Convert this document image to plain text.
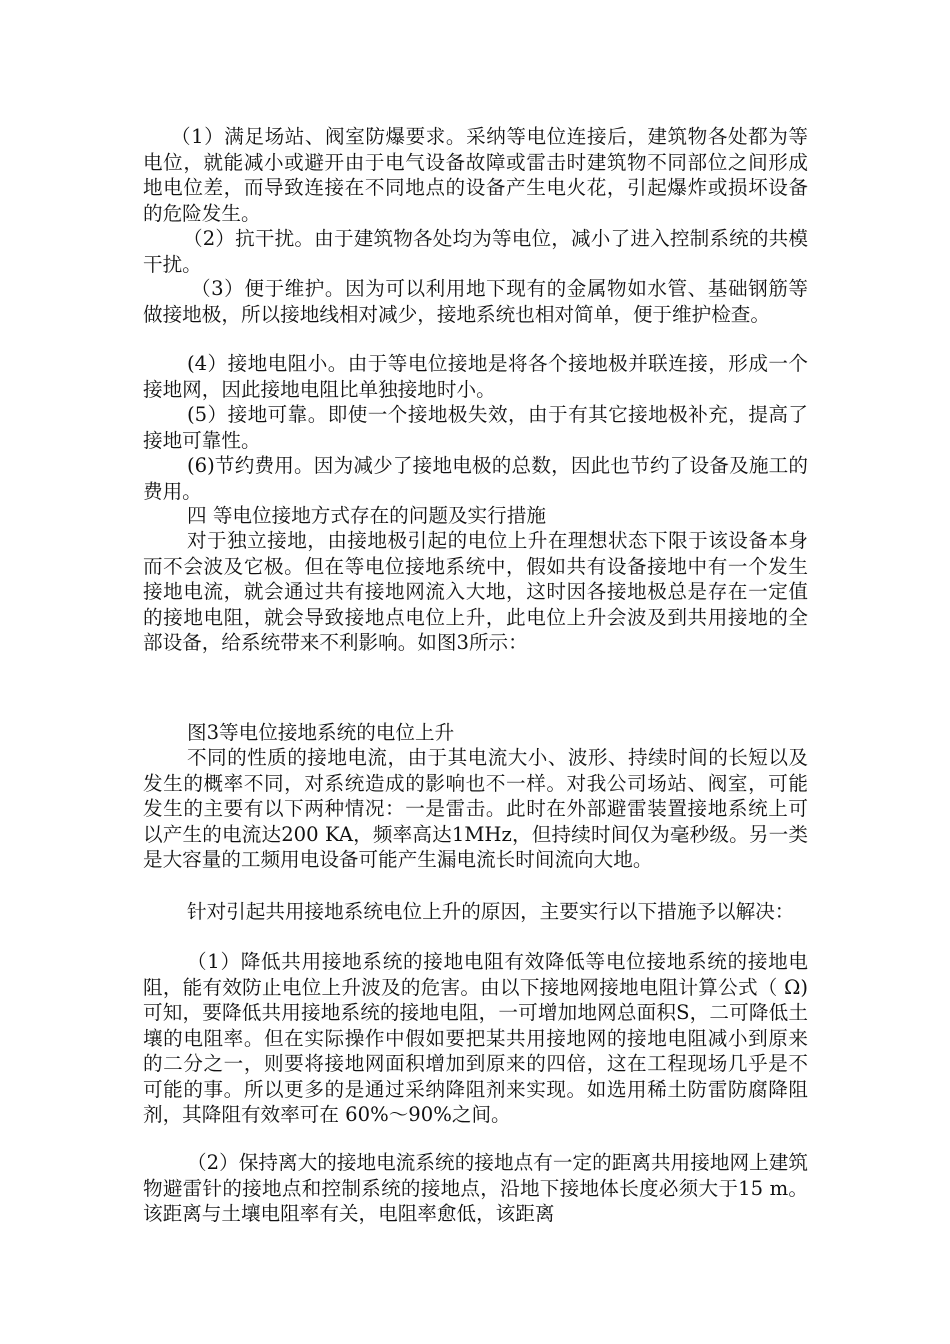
（1）满足场站、阀室防爆要求。采纳等电位连接后，建筑物各处都为等电位，就能减小或避开由于电气设备故障或雷击时建筑物不同部位之间形成地电位差，而导致连接在不同地点的设备产生电火花，引起爆炸或损坏设备的危险发生。

（2）抗干扰。由于建筑物各处均为等电位，减小了进入控制系统的共模干扰。

（3）便于维护。因为可以利用地下现有的金属物如水管、基础钢筋等做接地极，所以接地线相对减少，接地系统也相对简单，便于维护检查。

(4）接地电阻小。由于等电位接地是将各个接地极并联连接，形成一个接地网，因此接地电阻比单独接地时小。

(5）接地可靠。即使一个接地极失效，由于有其它接地极补充，提高了接地可靠性。

(6)节约费用。因为减少了接地电极的总数，因此也节约了设备及施工的费用。

四 等电位接地方式存在的问题及实行措施

对于独立接地，由接地极引起的电位上升在理想状态下限于该设备本身而不会波及它极。但在等电位接地系统中，假如共有设备接地中有一个发生接地电流，就会通过共有接地网流入大地，这时因各接地极总是存在一定值的接地电阻，就会导致接地点电位上升，此电位上升会波及到共用接地的全部设备，给系统带来不利影响。如图3所示：

图3等电位接地系统的电位上升

不同的性质的接地电流，由于其电流大小、波形、持续时间的长短以及发生的概率不同，对系统造成的影响也不一样。对我公司场站、阀室，可能发生的主要有以下两种情况：一是雷击。此时在外部避雷装置接地系统上可以产生的电流达200 KA，频率高达1MHz，但持续时间仅为毫秒级。另一类是大容量的工频用电设备可能产生漏电流长时间流向大地。

针对引起共用接地系统电位上升的原因，主要实行以下措施予以解决：

（1）降低共用接地系统的接地电阻有效降低等电位接地系统的接地电阻，能有效防止电位上升波及的危害。由以下接地网接地电阻计算公式（ Ω)可知，要降低共用接地系统的接地电阻，一可增加地网总面积S，二可降低土壤的电阻率。但在实际操作中假如要把某共用接地网的接地电阻减小到原来的二分之一，则要将接地网面积增加到原来的四倍，这在工程现场几乎是不可能的事。所以更多的是通过采纳降阻剂来实现。如选用稀土防雷防腐降阻剂，其降阻有效率可在 60%～90%之间。

（2）保持离大的接地电流系统的接地点有一定的距离共用接地网上建筑物避雷针的接地点和控制系统的接地点，沿地下接地体长度必须大于15 m。该距离与土壤电阻率有关，电阻率愈低，该距离
